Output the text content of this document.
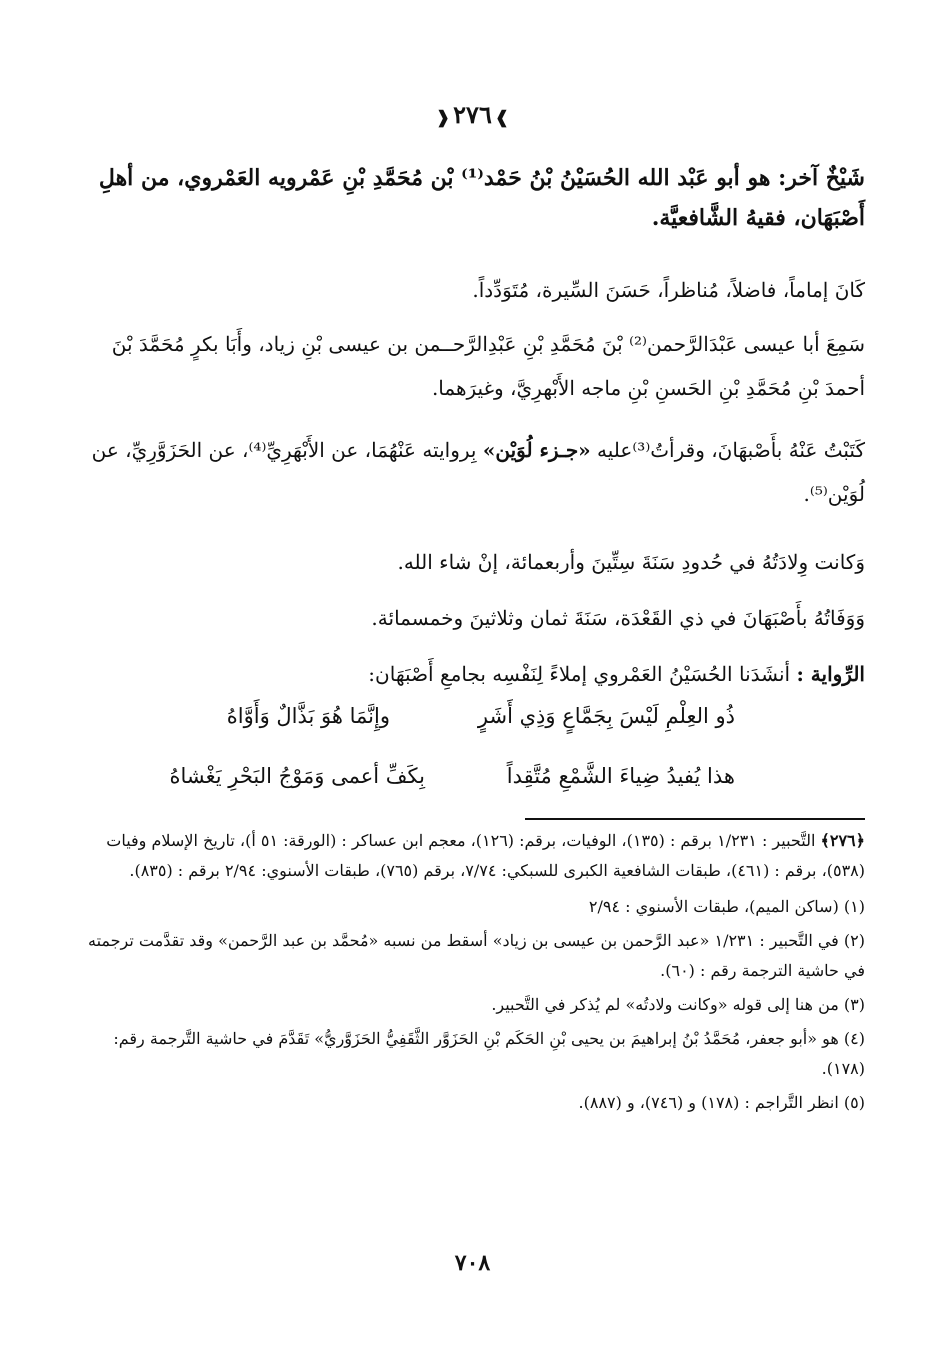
❱٢٧٦❰
شَيْخٌ آخر: هو أبو عَبْد الله الحُسَيْنُ بْنُ حَمْد⁽¹⁾ بْن مُحَمَّدِ بْنِ عَمْرويه العَمْروي، من أهلِ أَصْبَهَان، فقيهُ الشَّافعيَّة.
كَانَ إماماً، فاضلاً، مُناظراً، حَسَنَ السِّيرة، مُتَوَدِّداً.
سَمِعَ أبا عيسى عَبْدَالرَّحمن⁽²⁾ بْنَ مُحَمَّدِ بْنِ عَبْدِالرَّحــمن بن عيسى بْنِ زياد، وأَبَا بكرٍ مُحَمَّدَ بْنَ أحمدَ بْنِ مُحَمَّدِ بْنِ الحَسنِ بْنِ ماجه الأَبْهرِيَّ، وغيرَهما.
كَتَبْتُ عَنْهُ بأَصْبهَانَ، وقرأتُ⁽³⁾عليه «جـزء لُوَيْن» بِروايته عَنْهُمَا، عن الأَبْهَرِيِّ⁽⁴⁾، عن الحَزَوَّرِيِّ، عن لُوَيْن⁽⁵⁾.
وَكانت وِلادَتُهُ في حُدودِ سَنَةَ سِتِّينَ وأربعمائة، إنْ شاء الله.
وَوَفَاتُهُ بأَصْبَهَانَ في ذي القَعْدَة، سَنَةَ ثمان وثلاثينَ وخمسمائة.
الرِّواية : أنشَدَنا الحُسَيْنُ العَمْروي إملاءً لِنَفْسِه بجامعِ أَصْبَهَان:
ذُو العِلْمِ لَيْسَ بِجَمَّاعٍ وَذِي أَشَرٍ
وإِنَّمَا هُوَ بَذَّالٌ وَأَوَّاهُ
هذا يُفيدُ ضِياءَ الشَّمْعِ مُتَّقِداً
بِكَفِّ أعمى وَمَوْجُ البَحْرِ يَغْشاهُ
﴿٢٧٦﴾ التَّحبير : ١/٢٣١ برقم : (١٣٥)، الوفيات، برقم: (١٢٦)، معجم ابن عساكر : (الورقة: ٥١ أ)، تاريخ الإسلام وفيات (٥٣٨)، برقم : (٤٦١)، طبقات الشافعية الكبرى للسبكي: ٧/٧٤، برقم (٧٦٥)، طبقات الأسنوي: ٢/٩٤ برقم : (٨٣٥).
(١) (ساكن الميم)، طبقات الأسنوي : ٢/٩٤
(٢) في التَّحبير : ١/٢٣١ «عبد الرَّحمن بن عيسى بن زياد» أسقط من نسبه «مُحمَّد بن عبد الرَّحمن» وقد تقدَّمت ترجمته في حاشية الترجمة رقم : (٦٠).
(٣) من هنا إلى قوله «وكانت ولادتُه» لم يُذكر في التَّحبير.
(٤) هو «أبو جعفر، مُحَمَّدُ بْنُ إبراهيمَ بن يحيى بْنِ الحَكَم بْنِ الحَزَوَّر الثَّقَفِيُّ الحَزَوَّريُّ» تَقَدَّمَ في حاشية التَّرجمة رقم: (١٧٨).
(٥) انظر التَّراجم : (١٧٨) و (٧٤٦)، و (٨٨٧).
٧٠٨
